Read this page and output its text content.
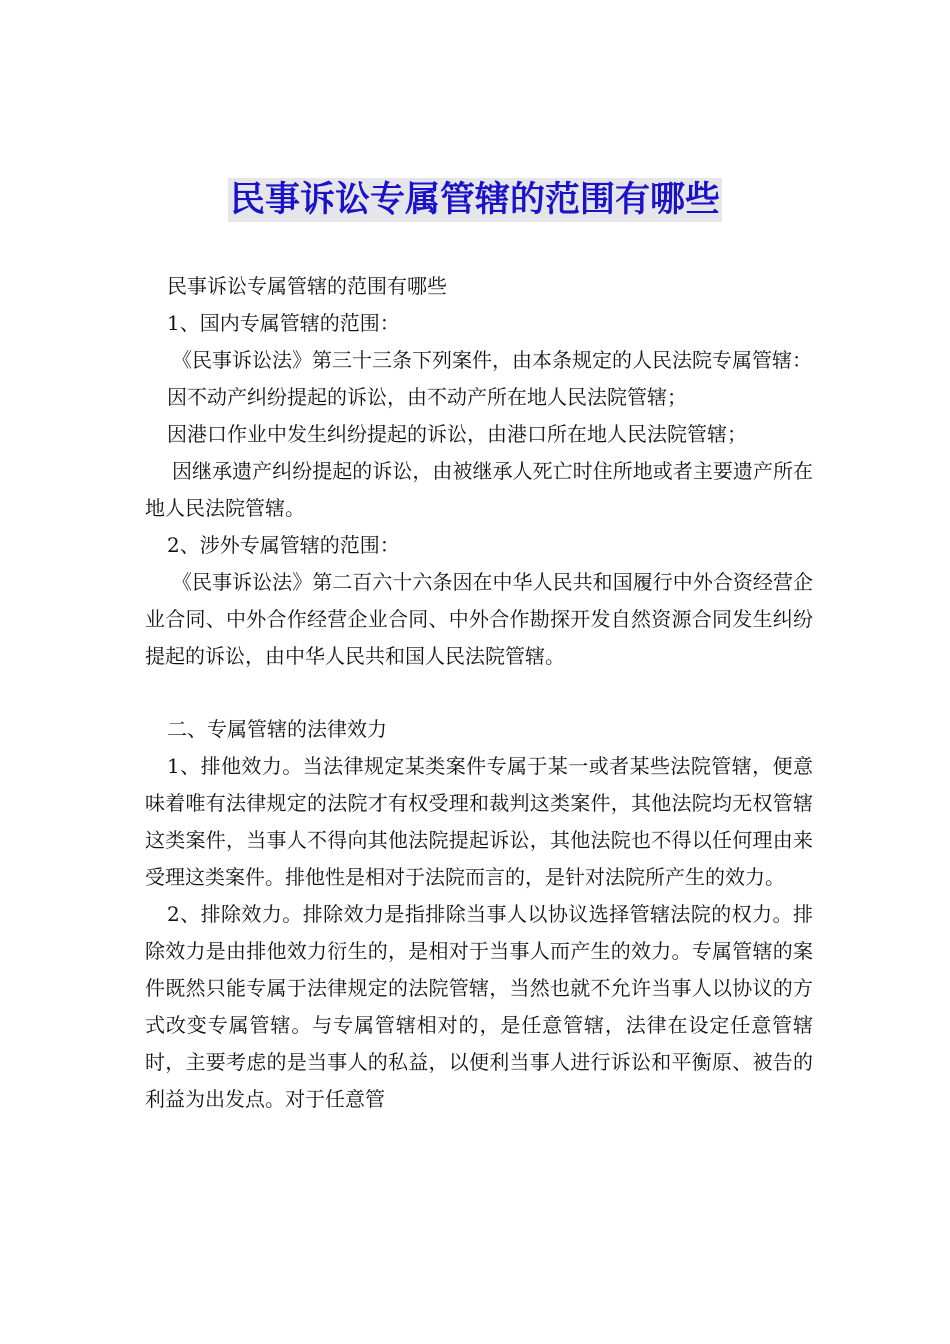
民事诉讼专属管辖的范围有哪些

民事诉讼专属管辖的范围有哪些

1、国内专属管辖的范围：

《民事诉讼法》第三十三条下列案件，由本条规定的人民法院专属管辖：

因不动产纠纷提起的诉讼，由不动产所在地人民法院管辖；

因港口作业中发生纠纷提起的诉讼，由港口所在地人民法院管辖；

因继承遗产纠纷提起的诉讼，由被继承人死亡时住所地或者主要遗产所在地人民法院管辖。

2、涉外专属管辖的范围：

《民事诉讼法》第二百六十六条因在中华人民共和国履行中外合资经营企业合同、中外合作经营企业合同、中外合作勘探开发自然资源合同发生纠纷提起的诉讼，由中华人民共和国人民法院管辖。

二、专属管辖的法律效力

1、排他效力。当法律规定某类案件专属于某一或者某些法院管辖，便意味着唯有法律规定的法院才有权受理和裁判这类案件，其他法院均无权管辖这类案件，当事人不得向其他法院提起诉讼，其他法院也不得以任何理由来受理这类案件。排他性是相对于法院而言的，是针对法院所产生的效力。

2、排除效力。排除效力是指排除当事人以协议选择管辖法院的权力。排除效力是由排他效力衍生的，是相对于当事人而产生的效力。专属管辖的案件既然只能专属于法律规定的法院管辖，当然也就不允许当事人以协议的方式改变专属管辖。与专属管辖相对的，是任意管辖，法律在设定任意管辖时，主要考虑的是当事人的私益，以便利当事人进行诉讼和平衡原、被告的利益为出发点。对于任意管
